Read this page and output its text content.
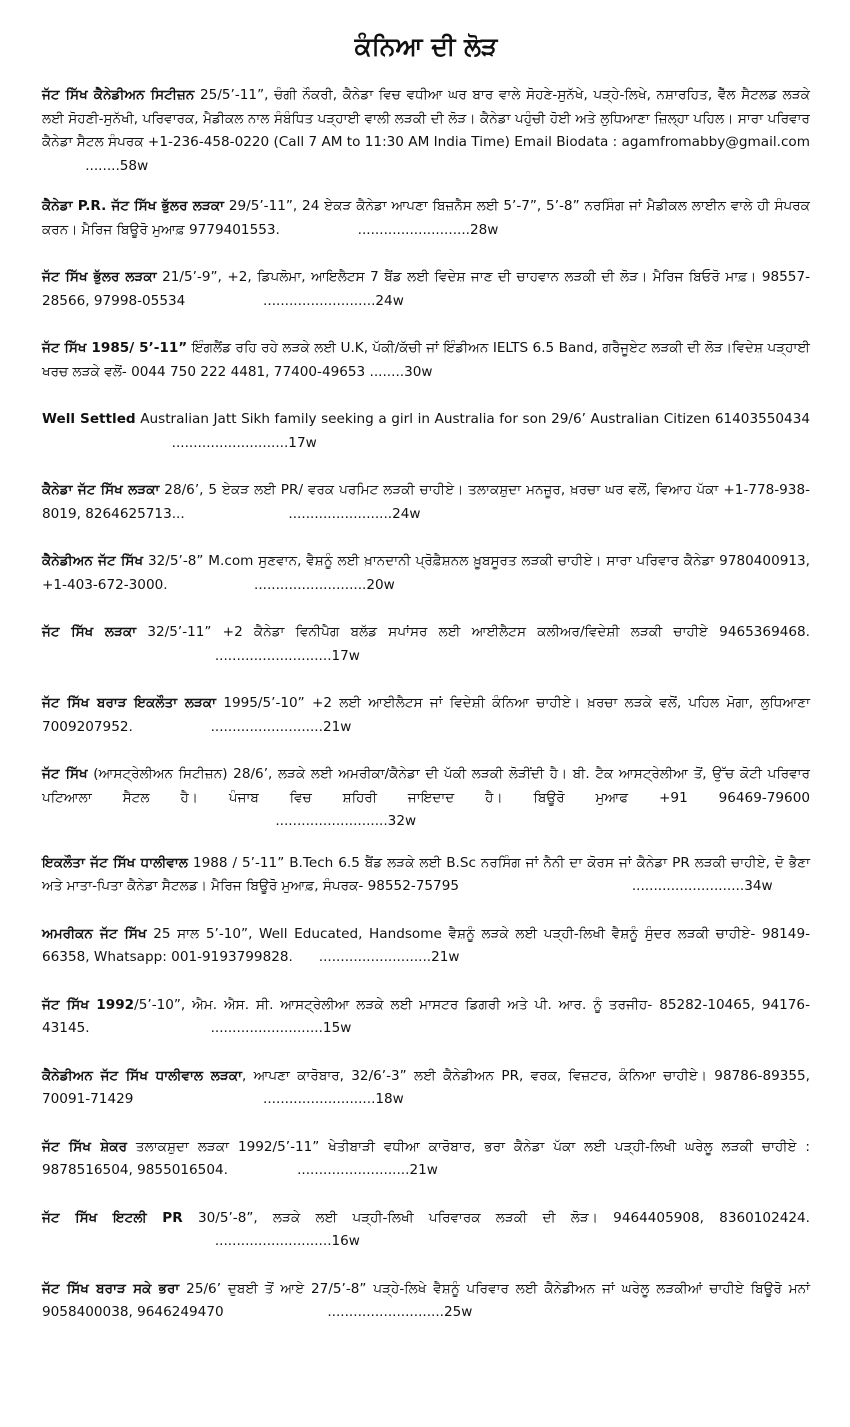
ਕੰਨਿਆ ਦੀ ਲੋੜ

ਜੱਟ ਸਿੱਖ ਕੈਨੇਡੀਅਨ ਸਿਟੀਜ਼ਨ 25/5’-11”, ਚੰਗੀ ਨੌਕਰੀ, ਕੈਨੇਡਾ ਵਿਚ ਵਧੀਆ ਘਰ ਬਾਰ ਵਾਲੇ ਸੋਹਣੇ-ਸੁਨੱਖੇ, ਪੜ੍ਹੇ-ਲਿਖੇ, ਨਸ਼ਾਰਹਿਤ, ਵੈੱਲ ਸੈਟਲਡ ਲੜਕੇ ਲਈ ਸੋਹਣੀ-ਸੁਨੱਖੀ, ਪਰਿਵਾਰਕ, ਮੈਡੀਕਲ ਨਾਲ ਸੰਬੰਧਿਤ ਪੜ੍ਹਾਈ ਵਾਲੀ ਲੜਕੀ ਦੀ ਲੋੜ। ਕੈਨੇਡਾ ਪਹੁੰਚੀ ਹੋਈ ਅਤੇ ਲੁਧਿਆਣਾ ਜ਼ਿਲ੍ਹਾ ਪਹਿਲ। ਸਾਰਾ ਪਰਿਵਾਰ ਕੈਨੇਡਾ ਸੈਟਲ ਸੰਪਰਕ +1-236-458-0220 (Call 7 AM to 11:30 AM India Time) Email Biodata : agamfromabby@gmail.com          ........58w

ਕੈਨੇਡਾ P.R. ਜੱਟ ਸਿੱਖ ਭੁੱਲਰ ਲੜਕਾ 29/5’-11”, 24 ਏਕੜ ਕੈਨੇਡਾ ਆਪਣਾ ਬਿਜ਼ਨੈਸ ਲਈ 5’-7”, 5’-8” ਨਰਸਿੰਗ ਜਾਂ ਮੈਡੀਕਲ ਲਾਈਨ ਵਾਲੇ ਹੀ ਸੰਪਰਕ ਕਰਨ। ਮੈਰਿਜ ਬਿਊਰੋ ਮੁਆਫ਼ 9779401553.                  ..........................28w

ਜੱਟ ਸਿੱਖ ਭੁੱਲਰ ਲੜਕਾ 21/5’-9”, +2, ਡਿਪਲੋਮਾ, ਆਇਲੈਟਸ 7 ਬੈਂਡ ਲਈ ਵਿਦੇਸ਼ ਜਾਣ ਦੀ ਚਾਹਵਾਨ ਲੜਕੀ ਦੀ ਲੋੜ। ਮੈਰਿਜ ਬਿਓਰੋ ਮਾਫ਼। 98557-28566, 97998-05534                  ..........................24w

ਜੱਟ ਸਿੱਖ 1985/ 5’-11” ਇੰਗਲੈਂਡ ਰਹਿ ਰਹੇ ਲੜਕੇ ਲਈ U.K, ਪੱਕੀ/ਕੱਚੀ ਜਾਂ ਇੰਡੀਅਨ IELTS 6.5 Band, ਗਰੈਜੂਏਟ ਲੜਕੀ ਦੀ ਲੋੜ।ਵਿਦੇਸ਼ ਪੜ੍ਹਾਈ ਖਰਚ ਲੜਕੇ ਵਲੋਂ- 0044 750 222 4481, 77400-49653 ........30w

Well Settled Australian Jatt Sikh family seeking a girl in Australia for son 29/6’ Australian Citizen 61403550434                              ...........................17w

ਕੈਨੇਡਾ ਜੱਟ ਸਿੱਖ ਲੜਕਾ 28/6’, 5 ਏਕੜ ਲਈ PR/ ਵਰਕ ਪਰਮਿਟ ਲੜਕੀ ਚਾਹੀਏ। ਤਲਾਕਸ਼ੁਦਾ ਮਨਜ਼ੂਰ, ਖ਼ਰਚਾ ਘਰ ਵਲੋਂ, ਵਿਆਹ ਪੱਕਾ +1-778-938-8019, 8264625713...                        ........................24w

ਕੈਨੇਡੀਅਨ ਜੱਟ ਸਿੱਖ 32/5’-8” M.com ਸੁਣਵਾਨ, ਵੈਸ਼ਨੂੰ ਲਈ ਖ਼ਾਨਦਾਨੀ ਪ੍ਰੋਫ਼ੈਸ਼ਨਲ ਖ਼ੂਬਸੂਰਤ ਲੜਕੀ ਚਾਹੀਏ। ਸਾਰਾ ਪਰਿਵਾਰ ਕੈਨੇਡਾ 9780400913, +1-403-672-3000.                    ..........................20w

ਜੱਟ ਸਿੱਖ ਲੜਕਾ 32/5’-11” +2 ਕੈਨੇਡਾ ਵਿਨੀਪੈਗ ਬਲੱਡ ਸਪਾਂਸਰ ਲਈ ਆਈਲੈਟਸ ਕਲੀਅਰ/ਵਿਦੇਸ਼ੀ ਲੜਕੀ ਚਾਹੀਏ 9465369468.                                        ...........................17w

ਜੱਟ ਸਿੱਖ ਬਰਾੜ ਇਕਲੌਤਾ ਲੜਕਾ 1995/5’-10” +2 ਲਈ ਆਈਲੈਟਸ ਜਾਂ ਵਿਦੇਸ਼ੀ ਕੰਨਿਆ ਚਾਹੀਏ। ਖ਼ਰਚਾ ਲੜਕੇ ਵਲੋਂ, ਪਹਿਲ ਮੋਗਾ, ਲੁਧਿਆਣਾ 7009207952.                  ..........................21w

ਜੱਟ ਸਿੱਖ (ਆਸਟ੍ਰੇਲੀਅਨ ਸਿਟੀਜ਼ਨ) 28/6’, ਲੜਕੇ ਲਈ ਅਮਰੀਕਾ/ਕੈਨੇਡਾ ਦੀ ਪੱਕੀ ਲੜਕੀ ਲੋੜੀਂਦੀ ਹੈ। ਬੀ. ਟੈਕ ਆਸਟ੍ਰੇਲੀਆ ਤੋਂ, ਉੱਚ ਕੋਟੀ ਪਰਿਵਾਰ ਪਟਿਆਲਾ ਸੈਟਲ ਹੈ। ਪੰਜਾਬ ਵਿਚ ਸ਼ਹਿਰੀ ਜਾਇਦਾਦ ਹੈ। ਬਿਊਰੋ ਮੁਆਫ +91 96469-79600                                                      ..........................32w

ਇਕਲੌਤਾ ਜੱਟ ਸਿੱਖ ਧਾਲੀਵਾਲ 1988 / 5’-11” B.Tech 6.5 ਬੈਂਡ ਲੜਕੇ ਲਈ B.Sc ਨਰਸਿੰਗ ਜਾਂ ਨੈਨੀ ਦਾ ਕੋਰਸ ਜਾਂ ਕੈਨੇਡਾ PR ਲੜਕੀ ਚਾਹੀਏ, ਦੋ ਭੈਣਾ ਅਤੇ ਮਾਤਾ-ਪਿਤਾ ਕੈਨੇਡਾ ਸੈਟਲਡ। ਮੈਰਿਜ ਬਿਊਰੋ ਮੁਆਫ਼, ਸੰਪਰਕ- 98552-75795                                        ..........................34w

ਅਮਰੀਕਨ ਜੱਟ ਸਿੱਖ 25 ਸਾਲ 5’-10”, Well Educated, Handsome ਵੈਸ਼ਨੂੰ ਲੜਕੇ ਲਈ ਪੜ੍ਹੀ-ਲਿਖੀ ਵੈਸ਼ਨੂੰ ਸੁੰਦਰ ਲੜਕੀ ਚਾਹੀਏ- 98149-66358, Whatsapp: 001-9193799828.      ..........................21w

ਜੱਟ ਸਿੱਖ 1992/5’-10”, ਐਮ. ਐਸ. ਸੀ. ਆਸਟ੍ਰੇਲੀਆ ਲੜਕੇ ਲਈ ਮਾਸਟਰ ਡਿਗਰੀ ਅਤੇ ਪੀ. ਆਰ. ਨੂੰ ਤਰਜੀਹ- 85282-10465, 94176-43145.                            ..........................15w

ਕੈਨੇਡੀਅਨ ਜੱਟ ਸਿੱਖ ਧਾਲੀਵਾਲ ਲੜਕਾ, ਆਪਣਾ ਕਾਰੋਬਾਰ, 32/6’-3” ਲਈ ਕੈਨੇਡੀਅਨ PR, ਵਰਕ, ਵਿਜ਼ਟਰ, ਕੰਨਿਆ ਚਾਹੀਏ। 98786-89355, 70091-71429                              ..........................18w

ਜੱਟ ਸਿੱਖ ਸ਼ੇਕਰ ਤਲਾਕਸ਼ੁਦਾ ਲੜਕਾ 1992/5’-11” ਖੇਤੀਬਾੜੀ ਵਧੀਆ ਕਾਰੋਬਾਰ, ਭਰਾ ਕੈਨੇਡਾ ਪੱਕਾ ਲਈ ਪੜ੍ਹੀ-ਲਿਖੀ ਘਰੇਲੂ ਲੜਕੀ ਚਾਹੀਏ : 9878516504, 9855016504.                ..........................21w

ਜੱਟ ਸਿੱਖ ਇਟਲੀ PR 30/5’-8”, ਲੜਕੇ ਲਈ ਪੜ੍ਹੀ-ਲਿਖੀ ਪਰਿਵਾਰਕ ਲੜਕੀ ਦੀ ਲੋੜ। 9464405908, 8360102424.                                        ...........................16w

ਜੱਟ ਸਿੱਖ ਬਰਾੜ ਸਕੇ ਭਰਾ 25/6’ ਦੁਬਈ ਤੋਂ ਆਏ 27/5’-8” ਪੜ੍ਹੇ-ਲਿਖੇ ਵੈਸ਼ਨੂੰ ਪਰਿਵਾਰ ਲਈ ਕੈਨੇਡੀਅਨ ਜਾਂ ਘਰੇਲੂ ਲੜਕੀਆਂ ਚਾਹੀਏ ਬਿਊਰੋ ਮਨਾਂ 9058400038, 9646249470                        ...........................25w
